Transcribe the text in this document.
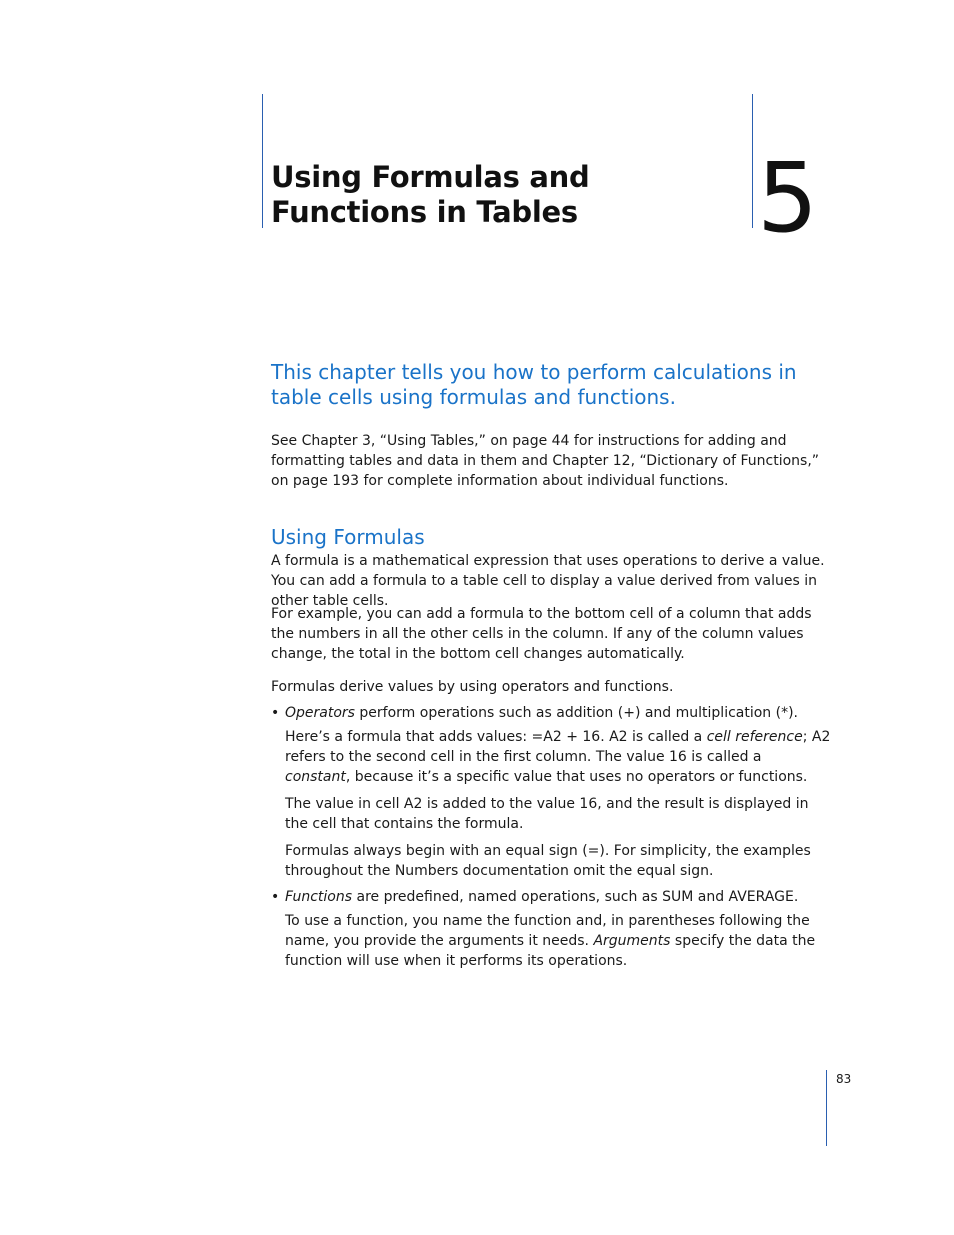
Using Formulas and Functions in Tables	5

This chapter tells you how to perform calculations in table cells using formulas and functions.

See Chapter 3, “Using Tables,” on page 44 for instructions for adding and formatting tables and data in them and Chapter 12, “Dictionary of Functions,” on page 193 for complete information about individual functions.

Using Formulas

A formula is a mathematical expression that uses operations to derive a value. You can add a formula to a table cell to display a value derived from values in other table cells.

For example, you can add a formula to the bottom cell of a column that adds the numbers in all the other cells in the column. If any of the column values change, the total in the bottom cell changes automatically.

Formulas derive values by using operators and functions.

• Operators perform operations such as addition (+) and multiplication (*).

Here’s a formula that adds values: =A2 + 16. A2 is called a cell reference; A2 refers to the second cell in the first column. The value 16 is called a constant, because it’s a specific value that uses no operators or functions.

The value in cell A2 is added to the value 16, and the result is displayed in the cell that contains the formula.

Formulas always begin with an equal sign (=). For simplicity, the examples throughout the Numbers documentation omit the equal sign.

• Functions are predefined, named operations, such as SUM and AVERAGE.

To use a function, you name the function and, in parentheses following the name, you provide the arguments it needs. Arguments specify the data the function will use when it performs its operations.

83
